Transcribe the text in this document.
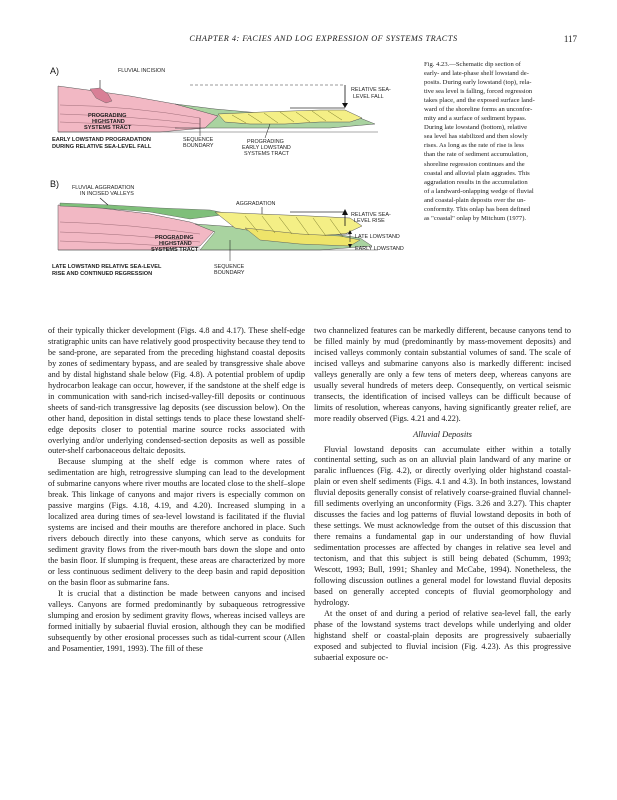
CHAPTER 4: FACIES AND LOG EXPRESSION OF SYSTEMS TRACTS	117
A)	FLUVIAL INCISION
RELATIVE SEA-
LEVEL FALL
PROGRADING
HIGHSTAND
SYSTEMS TRACT
EARLY LOWSTAND PROGRADATION
DURING RELATIVE SEA-LEVEL FALL
SEQUENCE
BOUNDARY
PROGRADING
EARLY LOWSTAND
SYSTEMS TRACT
B) FLUVIAL AGGRADATION
IN INCISED VALLEYS
AGGRADATION
RELATIVE SEA-
LEVEL RISE
LATE LOWSTAND
EARLY LOWSTAND
PROGRADING
HIGHSTAND
SYSTEMS TRACT
LATE LOWSTAND RELATIVE SEA-LEVEL
RISE AND CONTINUED REGRESSION
SEQUENCE
BOUNDARY

Fig. 4.23.—Schematic dip section of

early- and late-phase shelf lowstand de-

posits. During early lowstand (top), rela-

tive sea level is falling, forced regression

takes place, and the exposed surface land-

ward of the shoreline forms an unconfor-

mity and a surface of sediment bypass.

During late lowstand (bottom), relative

sea level has stabilized and then slowly

rises. As long as the rate of rise is less

than the rate of sediment accumulation,

shoreline regression continues and the

coastal and alluvial plain aggrades. This

aggradation results in the accumulation

of a landward-onlapping wedge of fluvial

and coastal-plain deposits over the un-

conformity. This onlap has been defined

as "coastal" onlap by Mitchum (1977).

of their typically thicker development (Figs. 4.8 and 4.17). These shelf-edge stratigraphic units can have relatively good prospectivity because they tend to be sand-prone, are separated from the preceding highstand coastal deposits by zones of sedimentary bypass, and are sealed by transgressive shale above and by distal highstand shale below (Fig. 4.8). A potential problem of updip hydrocarbon leakage can occur, however, if the sandstone at the shelf edge is in communication with sand-rich incised-valley-fill deposits or continuous sheets of sand-rich transgressive lag deposits (see discussion below). On the other hand, deposition in distal settings tends to place these lowstand shelf-edge deposits closer to potential marine source rocks associated with overlying and/or underlying condensed-section deposits as well as possible outer-shelf carbonaceous deltaic deposits.

Because slumping at the shelf edge is common where rates of sedimentation are high, retrogressive slumping can lead to the development of submarine canyons where river mouths are located close to the shelf–slope break. This linkage of canyons and major rivers is especially common on passive margins (Figs. 4.18, 4.19, and 4.20). Increased slumping in a localized area during times of sea-level lowstand is facilitated if the fluvial systems are incised and their mouths are therefore anchored in place. Such rivers debouch directly into these canyons, which serve as conduits for sediment gravity flows from the river-mouth bars down the slope and onto the basin floor. If slumping is frequent, these areas are characterized by more or less continuous sediment delivery to the deep basin and rapid deposition on the basin floor as submarine fans.

It is crucial that a distinction be made between canyons and incised valleys. Canyons are formed predominantly by subaqueous retrogressive slumping and erosion by sediment gravity flows, whereas incised valleys are formed initially by subaerial fluvial erosion, although they can be modified subsequently by other erosional processes such as tidal-current scour (Allen and Posamentier, 1991, 1993). The fill of these

two channelized features can be markedly different, because canyons tend to be filled mainly by mud (predominantly by mass-movement deposits) and incised valleys commonly contain substantial volumes of sand. The scale of incised valleys and submarine canyons also is markedly different: incised valleys generally are only a few tens of meters deep, whereas canyons are usually several hundreds of meters deep. Consequently, on vertical seismic transects, the identification of incised valleys can be difficult because of limits of resolution, whereas canyons, having significantly greater relief, are more readily observed (Figs. 4.21 and 4.22).

Alluvial Deposits

Fluvial lowstand deposits can accumulate either within a totally continental setting, such as on an alluvial plain landward of any marine or paralic influences (Fig. 4.2), or directly overlying older highstand coastal-plain or even shelf sediments (Figs. 4.1 and 4.3). In both instances, lowstand fluvial deposits generally consist of relatively coarse-grained fluvial channel-fill sediments overlying an unconformity (Figs. 3.26 and 3.27). This chapter discusses the facies and log patterns of fluvial lowstand deposits in both of these settings. We must acknowledge from the outset of this discussion that there remains a fundamental gap in our understanding of how fluvial sedimentation processes are affected by changes in relative sea level and tectonism, and that this subject is still being debated (Schumm, 1993; Wescott, 1993; Bull, 1991; Shanley and McCabe, 1994). Nonetheless, the following discussion outlines a general model for lowstand fluvial deposits based on generally accepted concepts of fluvial geomorphology and hydrology.

At the onset of and during a period of relative sea-level fall, the early phase of the lowstand systems tract develops while underlying and older highstand shelf or coastal-plain deposits are progressively subaerially exposed and subjected to fluvial incision (Fig. 4.23). As this progressive subaerial exposure oc-
